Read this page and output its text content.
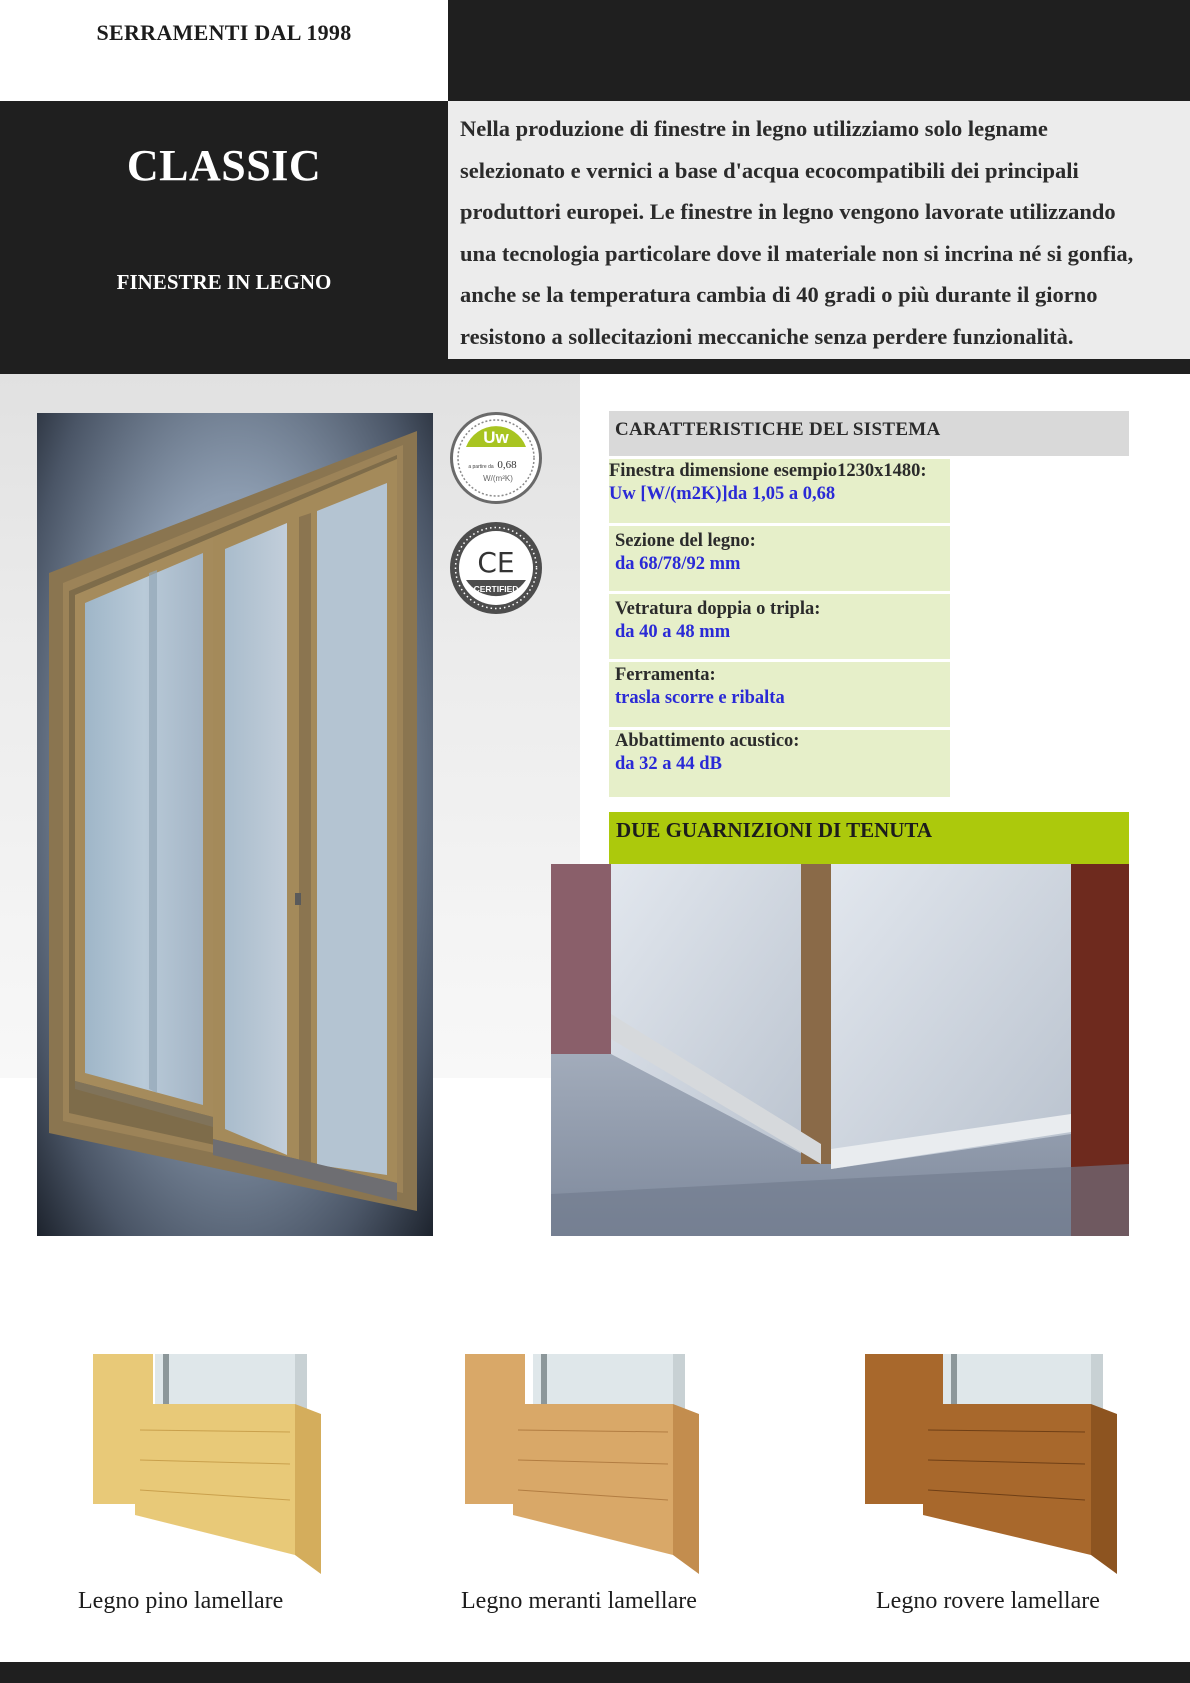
SERRAMENTI DAL 1998
CLASSIC
FINESTRE IN LEGNO
Nella produzione di finestre in legno utilizziamo solo legname
selezionato e vernici a base d'acqua ecocompatibili dei principali
produttori europei. Le finestre in legno vengono lavorate utilizzando
una tecnologia particolare dove il materiale non si incrina né si gonfia,
anche se la temperatura cambia di 40 gradi o più durante il giorno
resistono a sollecitazioni meccaniche senza perdere funzionalità.
Uw
a partire da 0,68
W/(m²K)
CE
CERTIFIED
CARATTERISTICHE DEL SISTEMA
Finestra dimensione esempio1230x1480:
Uw [W/(m2K)]da 1,05 a 0,68
Sezione del legno:
da 68/78/92 mm
Vetratura doppia o tripla:
da 40 a 48 mm
Ferramenta:
trasla scorre e ribalta
Abbattimento acustico:
da 32 a 44 dB
DUE GUARNIZIONI DI TENUTA
Legno pino lamellare	Legno meranti lamellare	Legno rovere lamellare
